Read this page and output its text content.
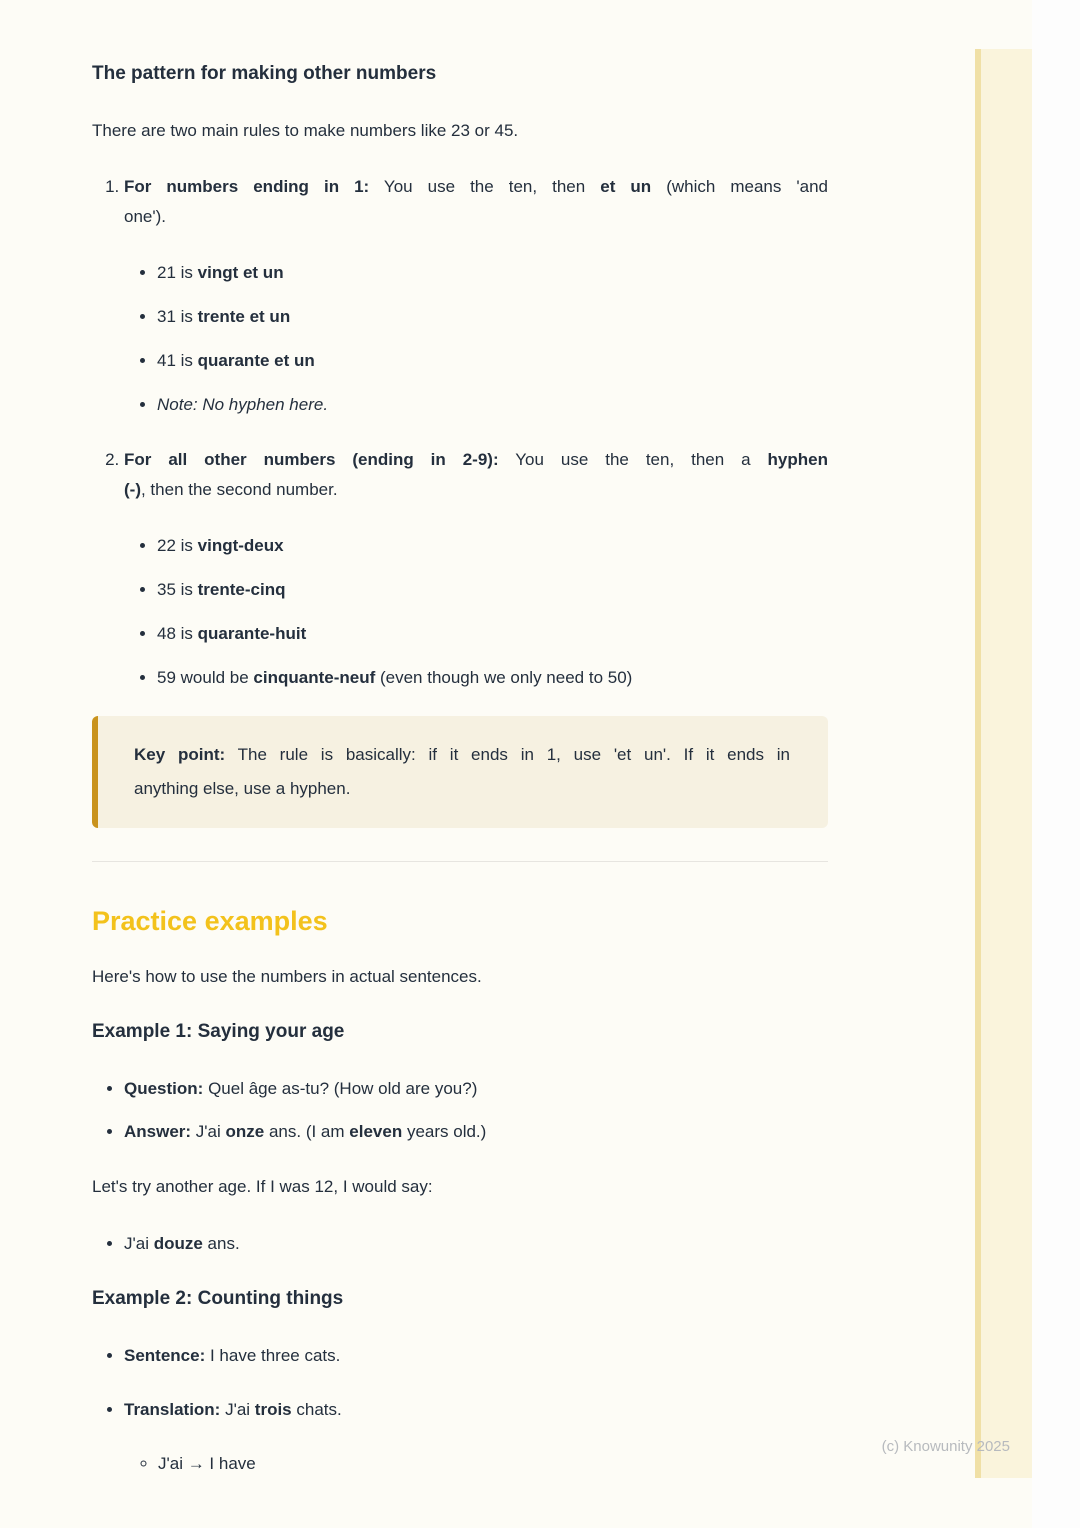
(c) Knowunity 2025
The pattern for making other numbers

There are two main rules to make numbers like 23 or 45.

1. For numbers ending in 1: You use the ten, then et un (which means 'and
one').
• 21 is vingt et un
• 31 is trente et un
• 41 is quarante et un
• Note: No hyphen here.
2. For all other numbers (ending in 2-9): You use the ten, then a hyphen
(-), then the second number.
• 22 is vingt-deux
• 35 is trente-cinq
• 48 is quarante-huit
• 59 would be cinquante-neuf (even though we only need to 50)
Key point: The rule is basically: if it ends in 1, use 'et un'. If it ends in
anything else, use a hyphen.
Practice examples

Here's how to use the numbers in actual sentences.

Example 1: Saying your age
• Question: Quel âge as-tu? (How old are you?)
• Answer: J'ai onze ans. (I am eleven years old.)

Let's try another age. If I was 12, I would say:

• J'ai douze ans.
Example 2: Counting things
• Sentence: I have three cats.
• Translation: J'ai trois chats.
◦ J'ai → I have
